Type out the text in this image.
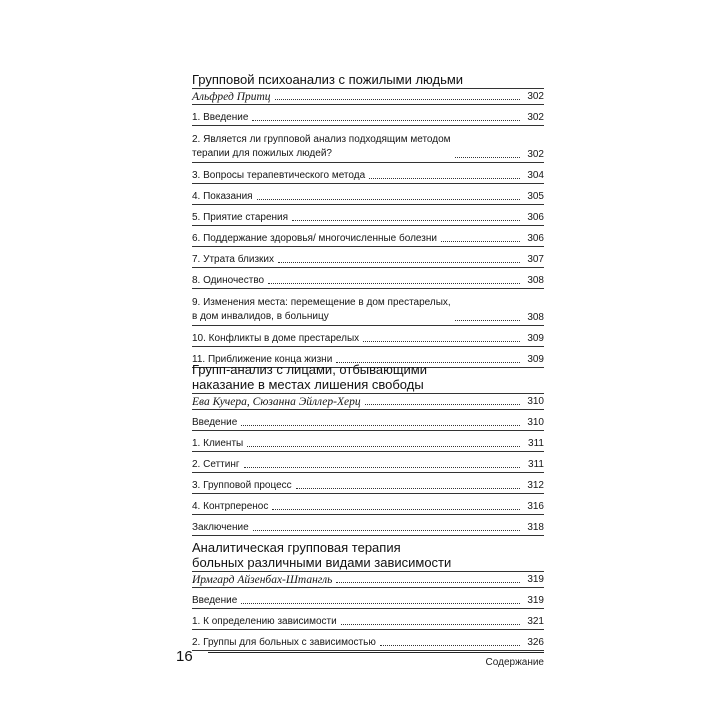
Групповой психоанализ с пожилыми людьми
Альфред Притц	302
1. Введение	302
2. Является ли групповой анализ подходящим методом
терапии для пожилых людей?	302
3. Вопросы терапевтического метода	304
4. Показания	305
5. Приятие старения	306
6. Поддержание здоровья/ многочисленные болезни	306
7. Утрата близких	307
8. Одиночество	308
9. Изменения места: перемещение в дом престарелых,
в дом инвалидов, в больницу	308
10. Конфликты в доме престарелых	309
11. Приближение конца жизни	309
Групп-анализ с лицами, отбывающими
наказание в местах лишения свободы
Ева Кучера, Сюзанна Эйллер-Херц	310
Введение	310
1. Клиенты	311
2. Сеттинг	311
3. Групповой процесс	312
4. Контрперенос	316
Заключение	318
Аналитическая групповая терапия
больных различными видами зависимости
Ирмгард Айзенбах-Штангль	319
Введение	319
1. К определению зависимости	321
2. Группы для больных с зависимостью	326
16	Содержание
